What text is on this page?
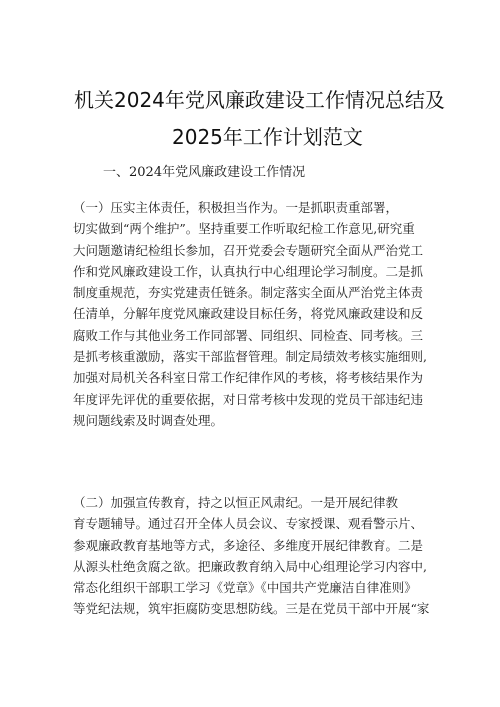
机关2024年党风廉政建设工作情况总结及
2025年工作计划范文
一、2024年党风廉政建设工作情况
（一）压实主体责任，积极担当作为。一是抓职责重部署，
切实做到“两个维护”。坚持重要工作听取纪检工作意见,研究重
大问题邀请纪检组长参加，召开党委会专题研究全面从严治党工
作和党风廉政建设工作，认真执行中心组理论学习制度。二是抓
制度重规范，夯实党建责任链条。制定落实全面从严治党主体责
任清单，分解年度党风廉政建设目标任务，将党风廉政建设和反
腐败工作与其他业务工作同部署、同组织、同检查、同考核。三
是抓考核重激励，落实干部监督管理。制定局绩效考核实施细则,
加强对局机关各科室日常工作纪律作风的考核，将考核结果作为
年度评先评优的重要依据，对日常考核中发现的党员干部违纪违
规问题线索及时调查处理。
（二）加强宣传教育，持之以恒正风肃纪。一是开展纪律教
育专题辅导。通过召开全体人员会议、专家授课、观看警示片、
参观廉政教育基地等方式，多途径、多维度开展纪律教育。二是
从源头杜绝贪腐之欲。把廉政教育纳入局中心组理论学习内容中,
常态化组织干部职工学习《党章》《中国共产党廉洁自律准则》
等党纪法规，筑牢拒腐防变思想防线。三是在党员干部中开展“家
